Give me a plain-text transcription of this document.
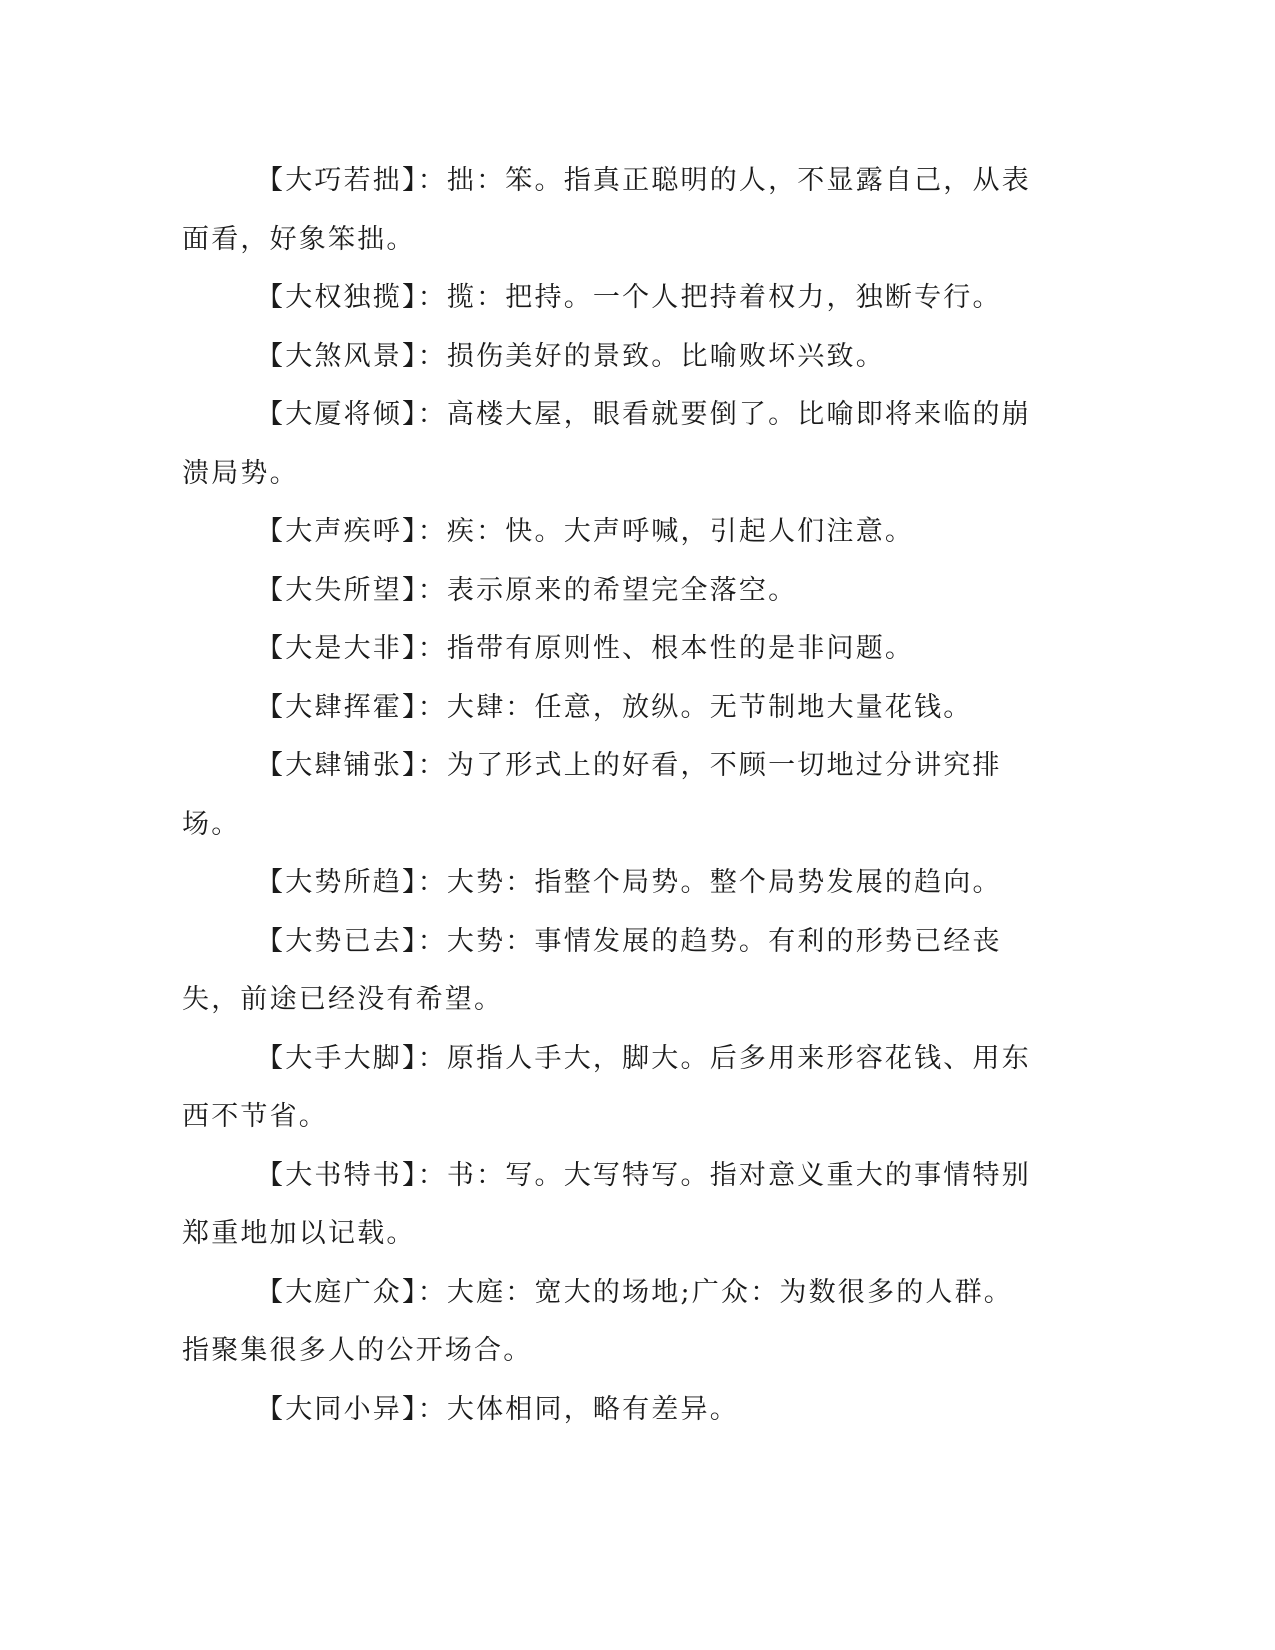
【大巧若拙】：拙：笨。指真正聪明的人，不显露自己，从表面看，好象笨拙。

【大权独揽】：揽：把持。一个人把持着权力，独断专行。

【大煞风景】：损伤美好的景致。比喻败坏兴致。

【大厦将倾】：高楼大屋，眼看就要倒了。比喻即将来临的崩溃局势。

【大声疾呼】：疾：快。大声呼喊，引起人们注意。

【大失所望】：表示原来的希望完全落空。

【大是大非】：指带有原则性、根本性的是非问题。

【大肆挥霍】：大肆：任意，放纵。无节制地大量花钱。

【大肆铺张】：为了形式上的好看，不顾一切地过分讲究排场。

【大势所趋】：大势：指整个局势。整个局势发展的趋向。

【大势已去】：大势：事情发展的趋势。有利的形势已经丧失，前途已经没有希望。

【大手大脚】：原指人手大，脚大。后多用来形容花钱、用东西不节省。

【大书特书】：书：写。大写特写。指对意义重大的事情特别郑重地加以记载。

【大庭广众】：大庭：宽大的场地;广众：为数很多的人群。指聚集很多人的公开场合。

【大同小异】：大体相同，略有差异。
